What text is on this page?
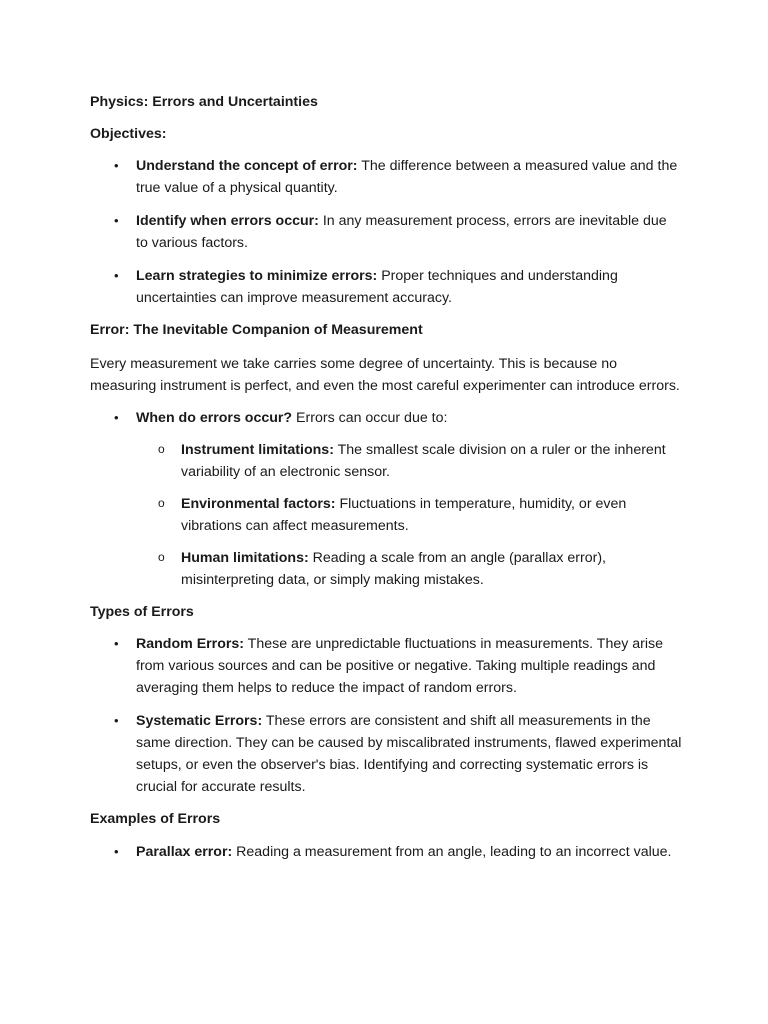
Physics: Errors and Uncertainties
Objectives:
• Understand the concept of error: The difference between a measured value and the true value of a physical quantity.
• Identify when errors occur: In any measurement process, errors are inevitable due to various factors.
• Learn strategies to minimize errors: Proper techniques and understanding uncertainties can improve measurement accuracy.
Error: The Inevitable Companion of Measurement
Every measurement we take carries some degree of uncertainty. This is because no measuring instrument is perfect, and even the most careful experimenter can introduce errors.
• When do errors occur? Errors can occur due to:
o Instrument limitations: The smallest scale division on a ruler or the inherent variability of an electronic sensor.
o Environmental factors: Fluctuations in temperature, humidity, or even vibrations can affect measurements.
o Human limitations: Reading a scale from an angle (parallax error), misinterpreting data, or simply making mistakes.
Types of Errors
• Random Errors: These are unpredictable fluctuations in measurements. They arise from various sources and can be positive or negative. Taking multiple readings and averaging them helps to reduce the impact of random errors.
• Systematic Errors: These errors are consistent and shift all measurements in the same direction. They can be caused by miscalibrated instruments, flawed experimental setups, or even the observer's bias. Identifying and correcting systematic errors is crucial for accurate results.
Examples of Errors
• Parallax error: Reading a measurement from an angle, leading to an incorrect value.
